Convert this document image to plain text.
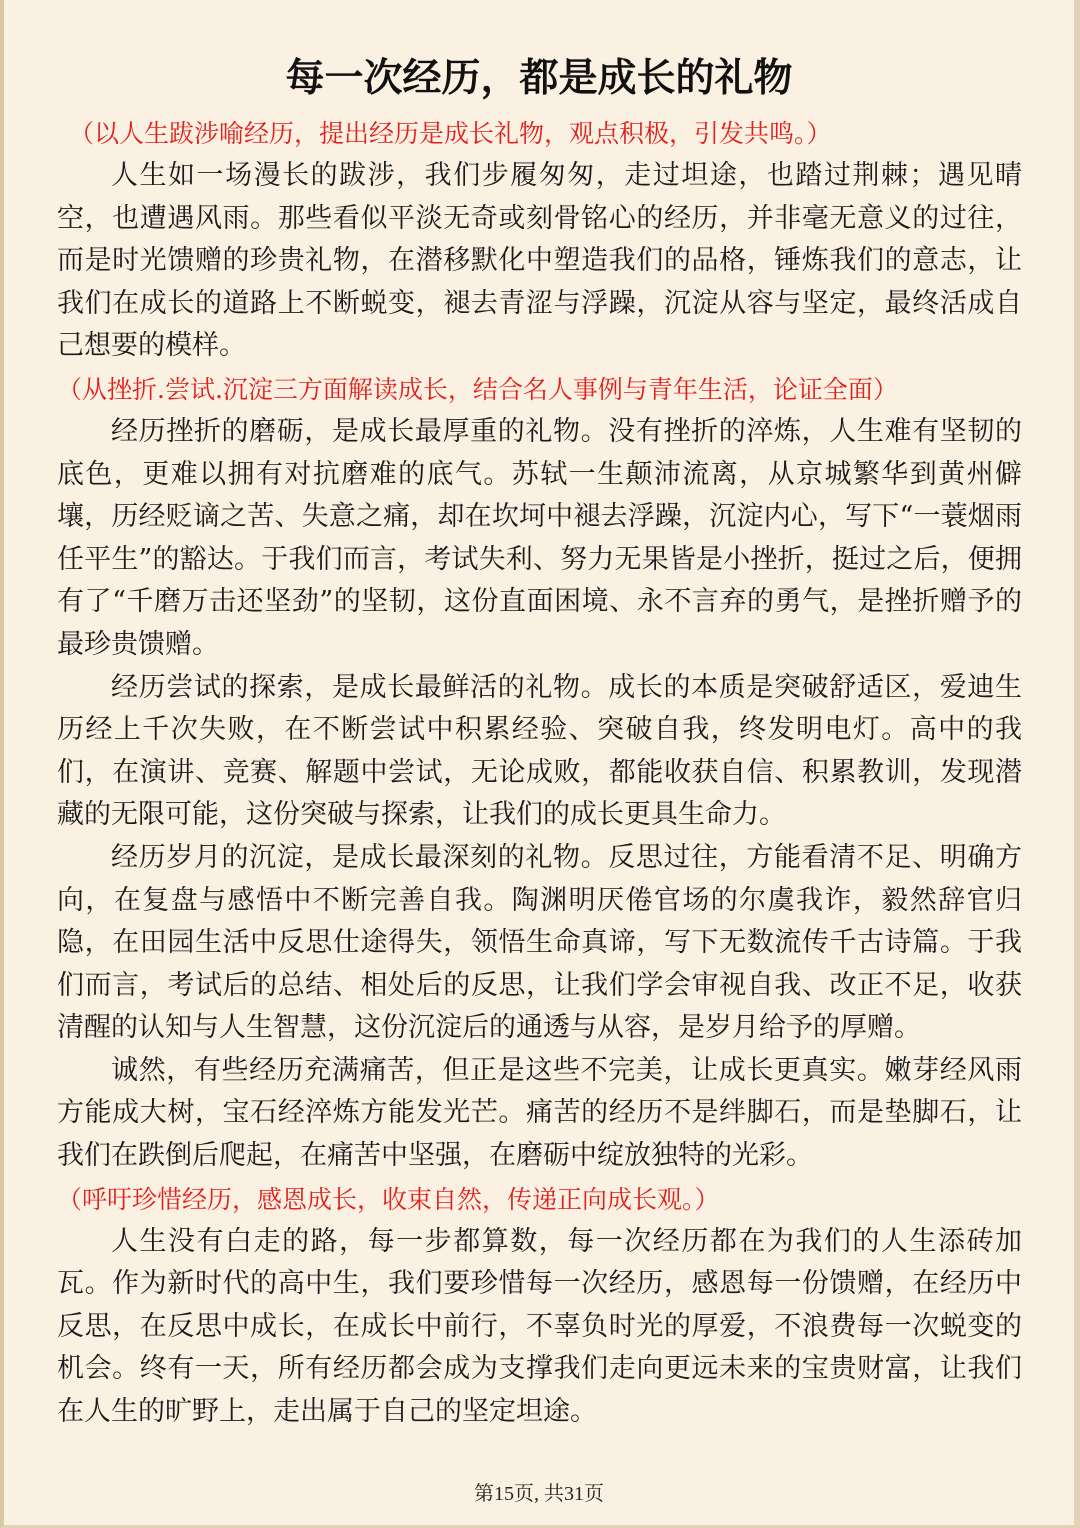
每一次经历，都是成长的礼物

（以人生跋涉喻经历，提出经历是成长礼物，观点积极，引发共鸣。）

人生如一场漫长的跋涉，我们步履匆匆，走过坦途，也踏过荆棘；遇见晴空，也遭遇风雨。那些看似平淡无奇或刻骨铭心的经历，并非毫无意义的过往，而是时光馈赠的珍贵礼物，在潜移默化中塑造我们的品格，锤炼我们的意志，让我们在成长的道路上不断蜕变，褪去青涩与浮躁，沉淀从容与坚定，最终活成自己想要的模样。

（从挫折.尝试.沉淀三方面解读成长，结合名人事例与青年生活，论证全面）

经历挫折的磨砺，是成长最厚重的礼物。没有挫折的淬炼，人生难有坚韧的底色，更难以拥有对抗磨难的底气。苏轼一生颠沛流离，从京城繁华到黄州僻壤，历经贬谪之苦、失意之痛，却在坎坷中褪去浮躁，沉淀内心，写下“一蓑烟雨任平生”的豁达。于我们而言，考试失利、努力无果皆是小挫折，挺过之后，便拥有了“千磨万击还坚劲”的坚韧，这份直面困境、永不言弃的勇气，是挫折赠予的最珍贵馈赠。

经历尝试的探索，是成长最鲜活的礼物。成长的本质是突破舒适区，爱迪生历经上千次失败，在不断尝试中积累经验、突破自我，终发明电灯。高中的我们，在演讲、竞赛、解题中尝试，无论成败，都能收获自信、积累教训，发现潜藏的无限可能，这份突破与探索，让我们的成长更具生命力。

经历岁月的沉淀，是成长最深刻的礼物。反思过往，方能看清不足、明确方向，在复盘与感悟中不断完善自我。陶渊明厌倦官场的尔虞我诈，毅然辞官归隐，在田园生活中反思仕途得失，领悟生命真谛，写下无数流传千古诗篇。于我们而言，考试后的总结、相处后的反思，让我们学会审视自我、改正不足，收获清醒的认知与人生智慧，这份沉淀后的通透与从容，是岁月给予的厚赠。

诚然，有些经历充满痛苦，但正是这些不完美，让成长更真实。嫩芽经风雨方能成大树，宝石经淬炼方能发光芒。痛苦的经历不是绊脚石，而是垫脚石，让我们在跌倒后爬起，在痛苦中坚强，在磨砺中绽放独特的光彩。

（呼吁珍惜经历，感恩成长，收束自然，传递正向成长观。）

人生没有白走的路，每一步都算数，每一次经历都在为我们的人生添砖加瓦。作为新时代的高中生，我们要珍惜每一次经历，感恩每一份馈赠，在经历中反思，在反思中成长，在成长中前行，不辜负时光的厚爱，不浪费每一次蜕变的机会。终有一天，所有经历都会成为支撑我们走向更远未来的宝贵财富，让我们在人生的旷野上，走出属于自己的坚定坦途。

第15页, 共31页
